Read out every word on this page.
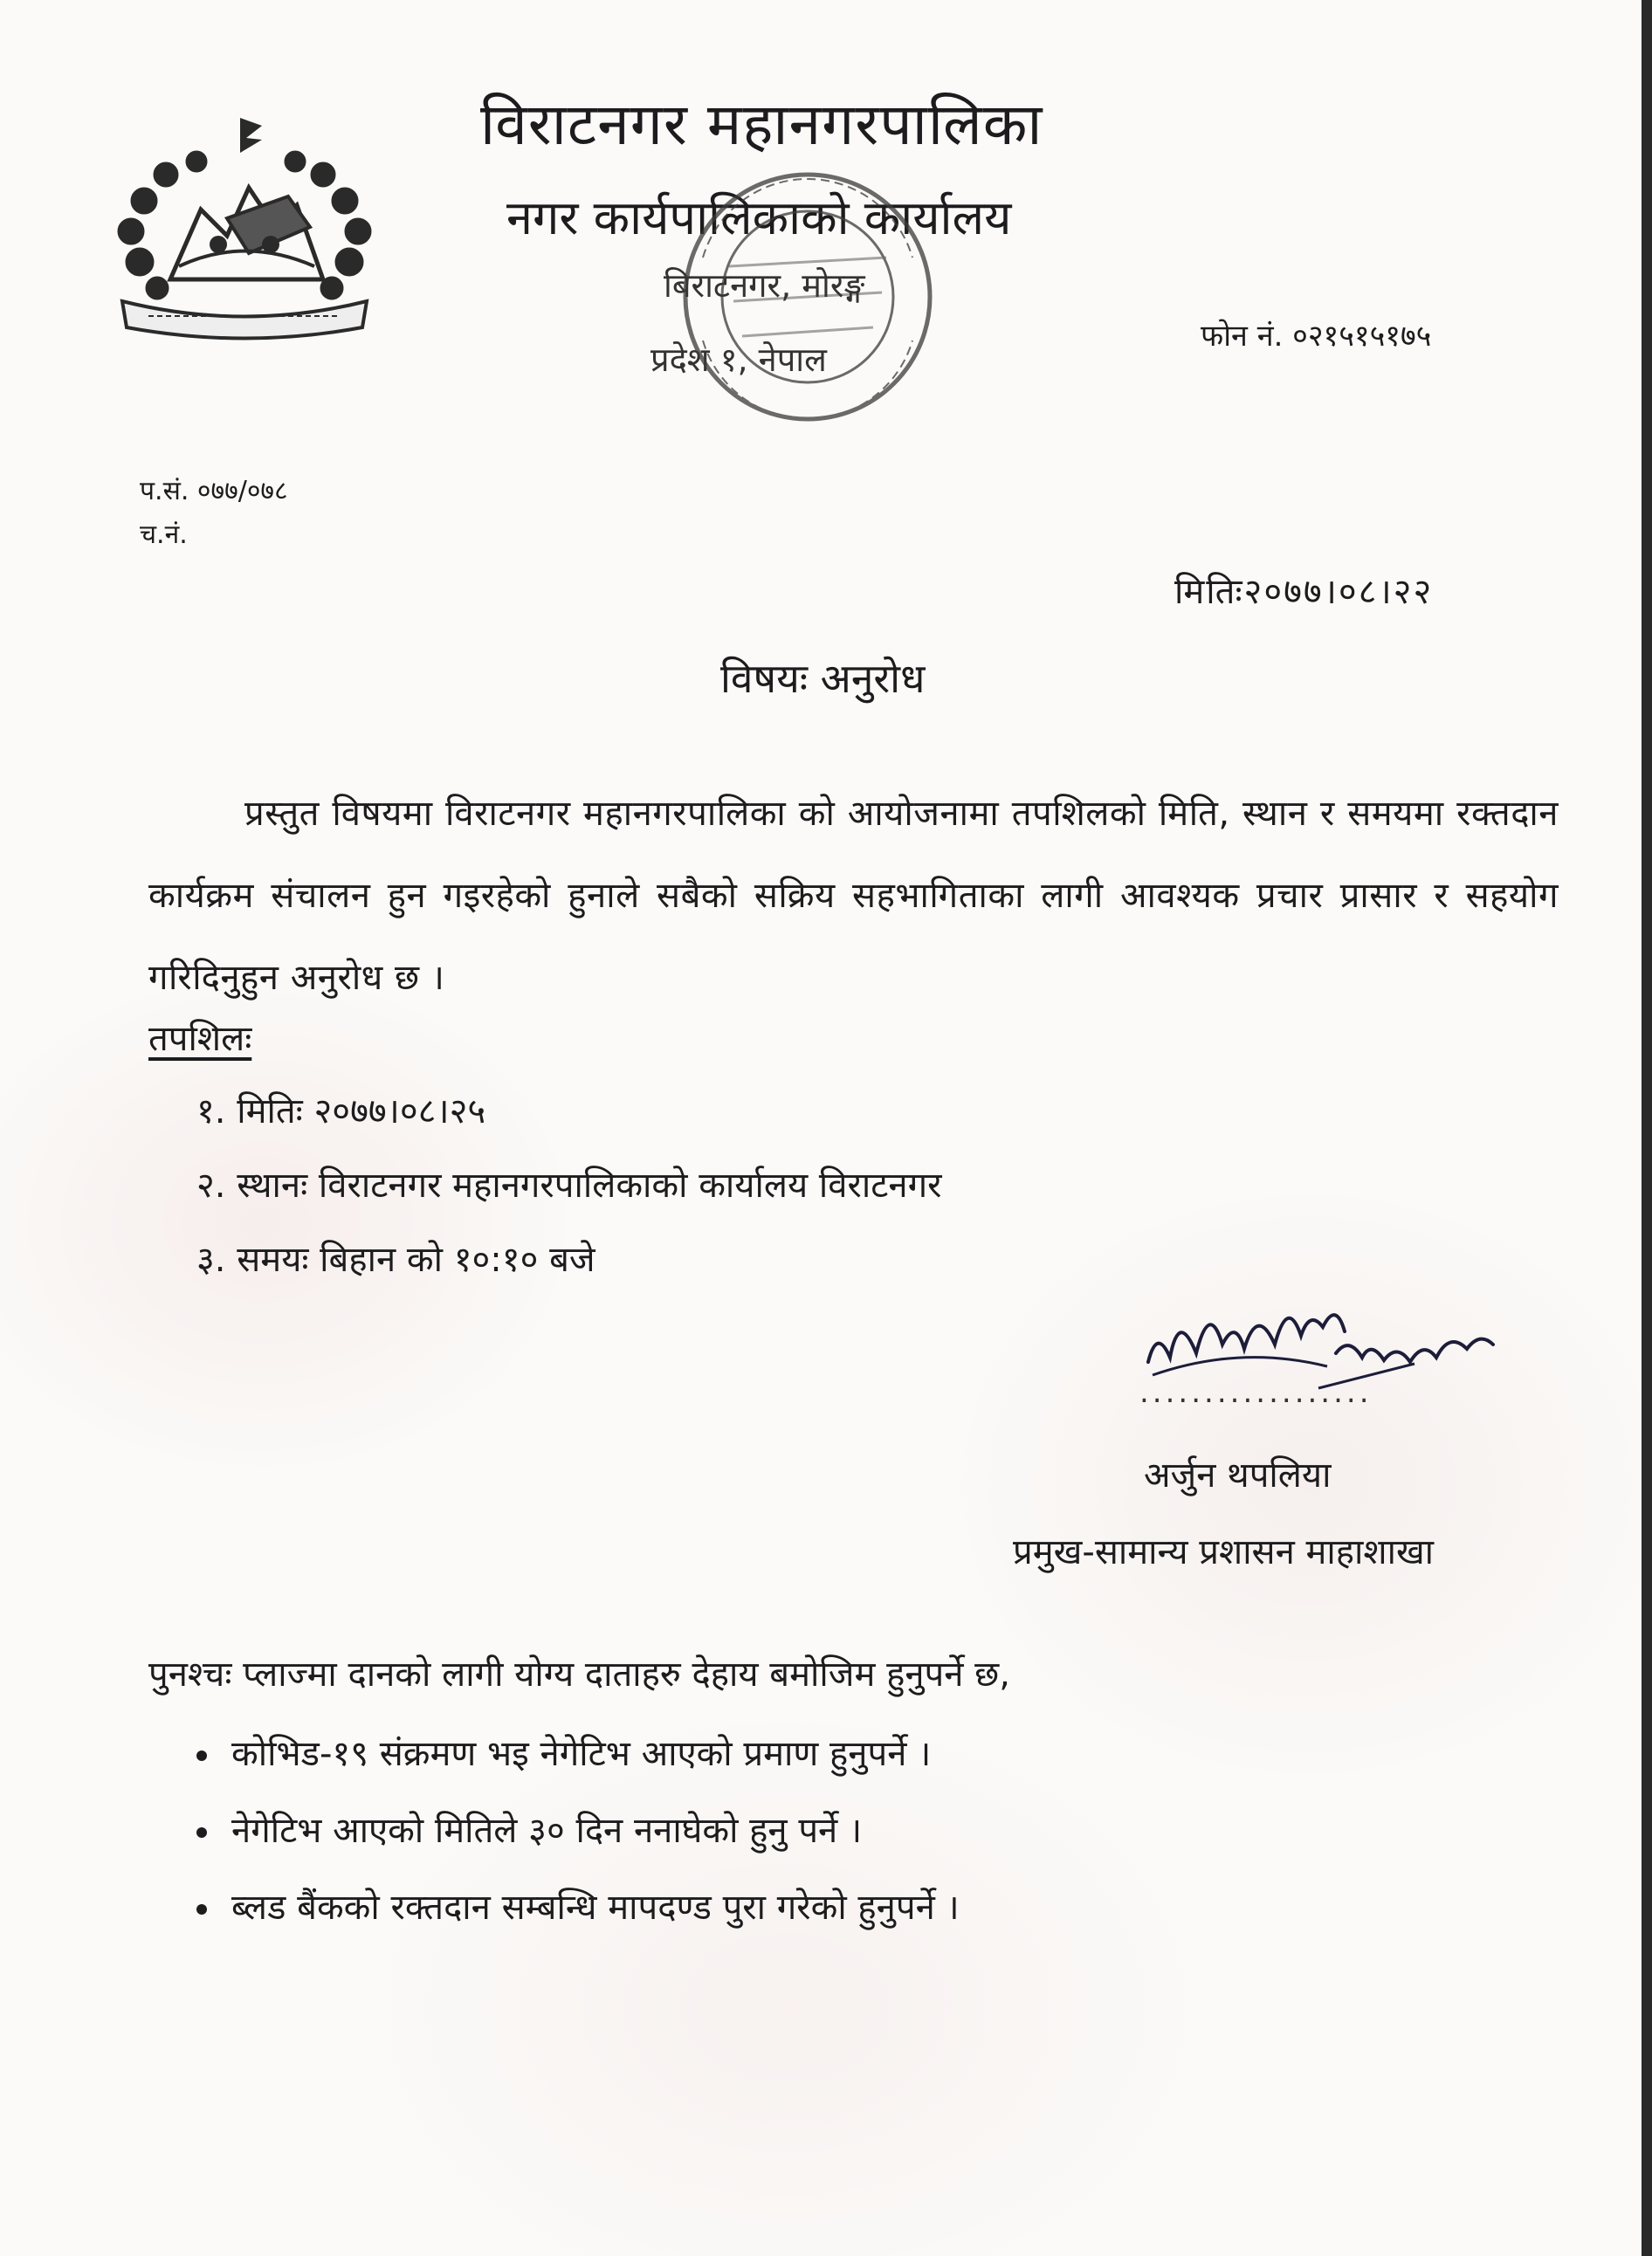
विराटनगर महानगरपालिका
नगर कार्यपालिकाको कार्यालय
बिराटनगर, मोरङ्ग
प्रदेश १, नेपाल
फोन नं. ०२१५१५१७५
प.सं. ०७७/०७८
च.नं.
मितिः२०७७।०८।२२
विषयः अनुरोध
प्रस्तुत विषयमा विराटनगर महानगरपालिका को आयोजनामा तपशिलको मिति, स्थान र समयमा रक्तदान कार्यक्रम संचालन हुन गइरहेको हुनाले सबैको सक्रिय सहभागिताका लागी आवश्यक प्रचार प्रासार र सहयोग गरिदिनुहुन अनुरोध छ ।
तपशिलः
१. मितिः २०७७।०८।२५
२. स्थानः विराटनगर महानगरपालिकाको कार्यालय विराटनगर
३. समयः बिहान को १०:१० बजे
..................
अर्जुन थपलिया
प्रमुख-सामान्य प्रशासन माहाशाखा
पुनश्चः प्लाज्मा दानको लागी योग्य दाताहरु देहाय बमोजिम हुनुपर्ने छ,
कोभिड-१९ संक्रमण भइ नेगेटिभ आएको प्रमाण हुनुपर्ने ।
नेगेटिभ आएको मितिले ३० दिन ननाघेको हुनु पर्ने ।
ब्लड बैंकको रक्तदान सम्बन्धि मापदण्ड पुरा गरेको हुनुपर्ने ।
